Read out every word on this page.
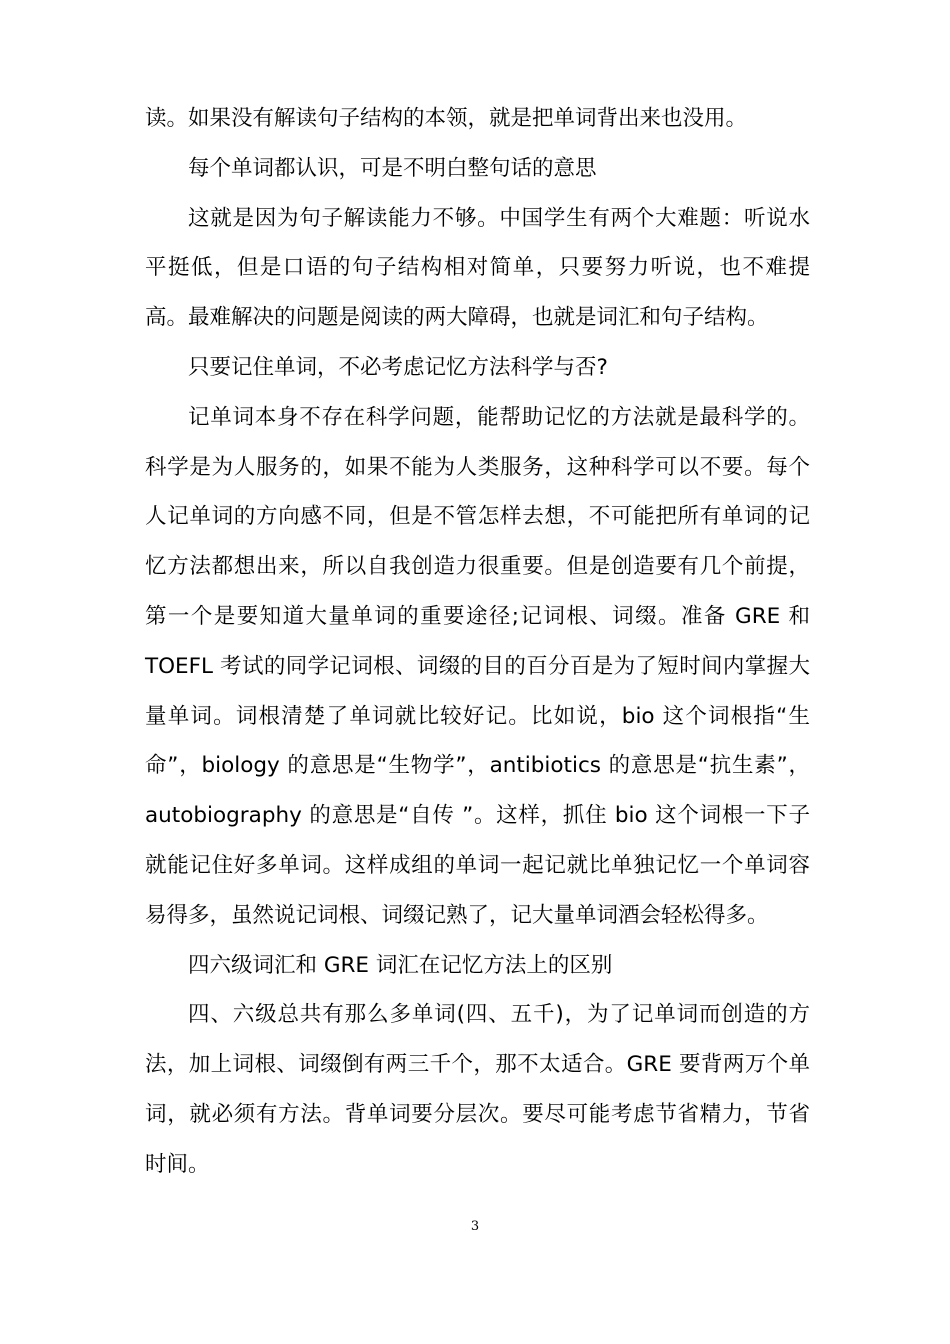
读。如果没有解读句子结构的本领，就是把单词背出来也没用。

每个单词都认识，可是不明白整句话的意思

这就是因为句子解读能力不够。中国学生有两个大难题：听说水平挺低，但是口语的句子结构相对简单，只要努力听说，也不难提高。最难解决的问题是阅读的两大障碍，也就是词汇和句子结构。

只要记住单词，不必考虑记忆方法科学与否?

记单词本身不存在科学问题，能帮助记忆的方法就是最科学的。科学是为人服务的，如果不能为人类服务，这种科学可以不要。每个人记单词的方向感不同，但是不管怎样去想，不可能把所有单词的记忆方法都想出来，所以自我创造力很重要。但是创造要有几个前提，第一个是要知道大量单词的重要途径;记词根、词缀。准备 GRE 和 TOEFL 考试的同学记词根、词缀的目的百分百是为了短时间内掌握大量单词。词根清楚了单词就比较好记。比如说，bio 这个词根指“生命”，biology 的意思是“生物学”，antibiotics 的意思是“抗生素”，autobiography 的意思是“自传 ”。这样，抓住 bio 这个词根一下子就能记住好多单词。这样成组的单词一起记就比单独记忆一个单词容易得多，虽然说记词根、词缀记熟了，记大量单词酒会轻松得多。

四六级词汇和 GRE 词汇在记忆方法上的区别

四、六级总共有那么多单词(四、五千)，为了记单词而创造的方法，加上词根、词缀倒有两三千个，那不太适合。GRE 要背两万个单词，就必须有方法。背单词要分层次。要尽可能考虑节省精力，节省时间。

3
